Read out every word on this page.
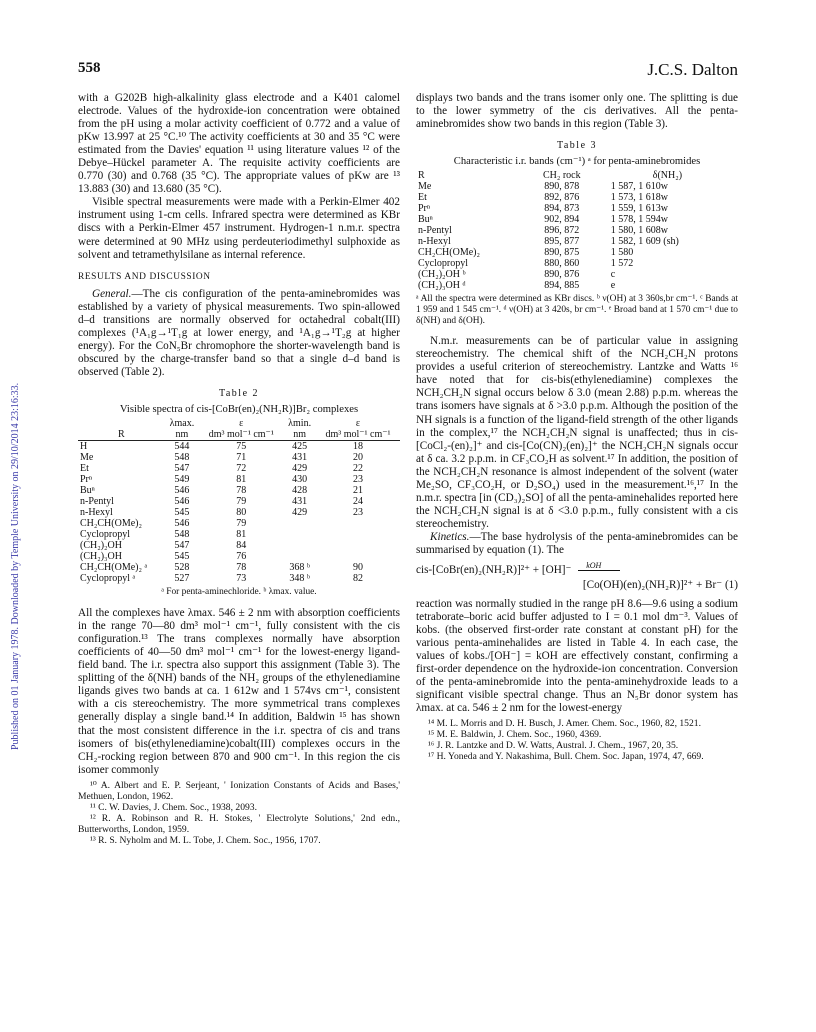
558	J.C.S. Dalton
Published on 01 January 1978. Downloaded by Temple University on 29/10/2014 23:16:33.

with a G202B high-alkalinity glass electrode and a K401 calomel electrode. Values of the hydroxide-ion concentration were obtained from the pH using a molar activity coefficient of 0.772 and a value of pKw 13.997 at 25 °C.¹⁰ The activity coefficients at 30 and 35 °C were estimated from the Davies' equation ¹¹ using literature values ¹² of the Debye–Hückel parameter A. The requisite activity coefficients are 0.770 (30) and 0.768 (35 °C). The appropriate values of pKw are ¹³ 13.883 (30) and 13.680 (35 °C).

Visible spectral measurements were made with a Perkin-Elmer 402 instrument using 1-cm cells. Infrared spectra were determined as KBr discs with a Perkin-Elmer 457 instrument. Hydrogen-1 n.m.r. spectra were determined at 90 MHz using perdeuteriodimethyl sulphoxide as solvent and tetramethylsilane as internal reference.

RESULTS AND DISCUSSION

General.—The cis configuration of the penta-aminebromides was established by a variety of physical measurements. Two spin-allowed d–d transitions are normally observed for octahedral cobalt(III) complexes (¹A₁g→¹T₁g at lower energy, and ¹A₁g→¹T₂g at higher energy). For the CoN₅Br chromophore the shorter-wavelength band is obscured by the charge-transfer band so that a single d–d band is observed (Table 2).

Table 2
Visible spectra of cis-[CoBr(en)₂(NH₂R)]Br₂ complexes
	λmax.	ε	λmin.	ε
R	nm	dm³ mol⁻¹ cm⁻¹	nm	dm³ mol⁻¹ cm⁻¹
H	544	75	425	18
Me	548	71	431	20
Et	547	72	429	22
Prⁿ	549	81	430	23
Buⁿ	546	78	428	21
n-Pentyl	546	79	431	24
n-Hexyl	545	80	429	23
CH₂CH(OMe)₂	546	79		
Cyclopropyl	548	81		
(CH₂)₂OH	547	84		
(CH₂)₃OH	545	76		
CH₂CH(OMe)₂ ᵃ	528	78	368 ᵇ	90
Cyclopropyl ᵃ	527	73	348 ᵇ	82
ᵃ For penta-aminechloride. ᵇ λmax. value.

All the complexes have λmax. 546 ± 2 nm with absorption coefficients in the range 70—80 dm³ mol⁻¹ cm⁻¹, fully consistent with the cis configuration.¹³ The trans complexes normally have absorption coefficients of 40—50 dm³ mol⁻¹ cm⁻¹ for the lowest-energy ligand-field band. The i.r. spectra also support this assignment (Table 3). The splitting of the δ(NH) bands of the NH₂ groups of the ethylenediamine ligands gives two bands at ca. 1 612w and 1 574vs cm⁻¹, consistent with a cis stereochemistry. The more symmetrical trans complexes generally display a single band.¹⁴ In addition, Baldwin ¹⁵ has shown that the most consistent difference in the i.r. spectra of cis and trans isomers of bis(ethylenediamine)cobalt(III) complexes occurs in the CH₂-rocking region between 870 and 900 cm⁻¹. In this region the cis isomer commonly

¹⁰ A. Albert and E. P. Serjeant, ' Ionization Constants of Acids and Bases,' Methuen, London, 1962.

¹¹ C. W. Davies, J. Chem. Soc., 1938, 2093.

¹² R. A. Robinson and R. H. Stokes, ' Electrolyte Solutions,' 2nd edn., Butterworths, London, 1959.

¹³ R. S. Nyholm and M. L. Tobe, J. Chem. Soc., 1956, 1707.

displays two bands and the trans isomer only one. The splitting is due to the lower symmetry of the cis derivatives. All the penta-aminebromides show two bands in this region (Table 3).

Table 3
Characteristic i.r. bands (cm⁻¹) ᵃ for penta-aminebromides
R	CH₂ rock	δ(NH₂)
Me	890, 878	1 587, 1 610w
Et	892, 876	1 573, 1 618w
Prⁿ	894, 873	1 559, 1 613w
Buⁿ	902, 894	1 578, 1 594w
n-Pentyl	896, 872	1 580, 1 608w
n-Hexyl	895, 877	1 582, 1 609 (sh)
CH₂CH(OMe)₂	890, 875	1 580
Cyclopropyl	880, 860	1 572
(CH₂)₂OH ᵇ	890, 876	c
(CH₂)₃OH ᵈ	894, 885	e
ᵃ All the spectra were determined as KBr discs. ᵇ ν(OH) at 3 360s,br cm⁻¹. ᶜ Bands at 1 959 and 1 545 cm⁻¹. ᵈ ν(OH) at 3 420s, br cm⁻¹. ᵉ Broad band at 1 570 cm⁻¹ due to δ(NH) and δ(OH).

N.m.r. measurements can be of particular value in assigning stereochemistry. The chemical shift of the NCH₂CH₂N protons provides a useful criterion of stereochemistry. Lantzke and Watts ¹⁶ have noted that for cis-bis(ethylenediamine) complexes the NCH₂CH₂N signal occurs below δ 3.0 (mean 2.88) p.p.m. whereas the trans isomers have signals at δ >3.0 p.p.m. Although the position of the NH signals is a function of the ligand-field strength of the other ligands in the complex,¹⁷ the NCH₂CH₂N signal is unaffected; thus in cis-[CoCl₂-(en)₂]⁺ and cis-[Co(CN)₂(en)₂]⁺ the NCH₂CH₂N signals occur at δ ca. 3.2 p.p.m. in CF₃CO₂H as solvent.¹⁷ In addition, the position of the NCH₂CH₂N resonance is almost independent of the solvent (water Me₂SO, CF₃CO₂H, or D₂SO₄) used in the measurement.¹⁶,¹⁷ In the n.m.r. spectra [in (CD₃)₂SO] of all the penta-aminehalides reported here the NCH₂CH₂N signal is at δ <3.0 p.p.m., fully consistent with a cis stereochemistry.

Kinetics.—The base hydrolysis of the penta-aminebromides can be summarised by equation (1). The

cis-[CoBr(en)₂(NH₂R)]²⁺ + [OH]⁻ kOH
[Co(OH)(en)₂(NH₂R)]²⁺ + Br⁻ (1)

reaction was normally studied in the range pH 8.6—9.6 using a sodium tetraborate–boric acid buffer adjusted to I = 0.1 mol dm⁻³. Values of kobs. (the observed first-order rate constant at constant pH) for the various penta-aminehalides are listed in Table 4. In each case, the values of kobs./[OH⁻] = kOH are effectively constant, confirming a first-order dependence on the hydroxide-ion concentration. Conversion of the penta-aminebromide into the penta-aminehydroxide leads to a significant visible spectral change. Thus an N₅Br donor system has λmax. at ca. 546 ± 2 nm for the lowest-energy

¹⁴ M. L. Morris and D. H. Busch, J. Amer. Chem. Soc., 1960, 82, 1521.

¹⁵ M. E. Baldwin, J. Chem. Soc., 1960, 4369.

¹⁶ J. R. Lantzke and D. W. Watts, Austral. J. Chem., 1967, 20, 35.

¹⁷ H. Yoneda and Y. Nakashima, Bull. Chem. Soc. Japan, 1974, 47, 669.
